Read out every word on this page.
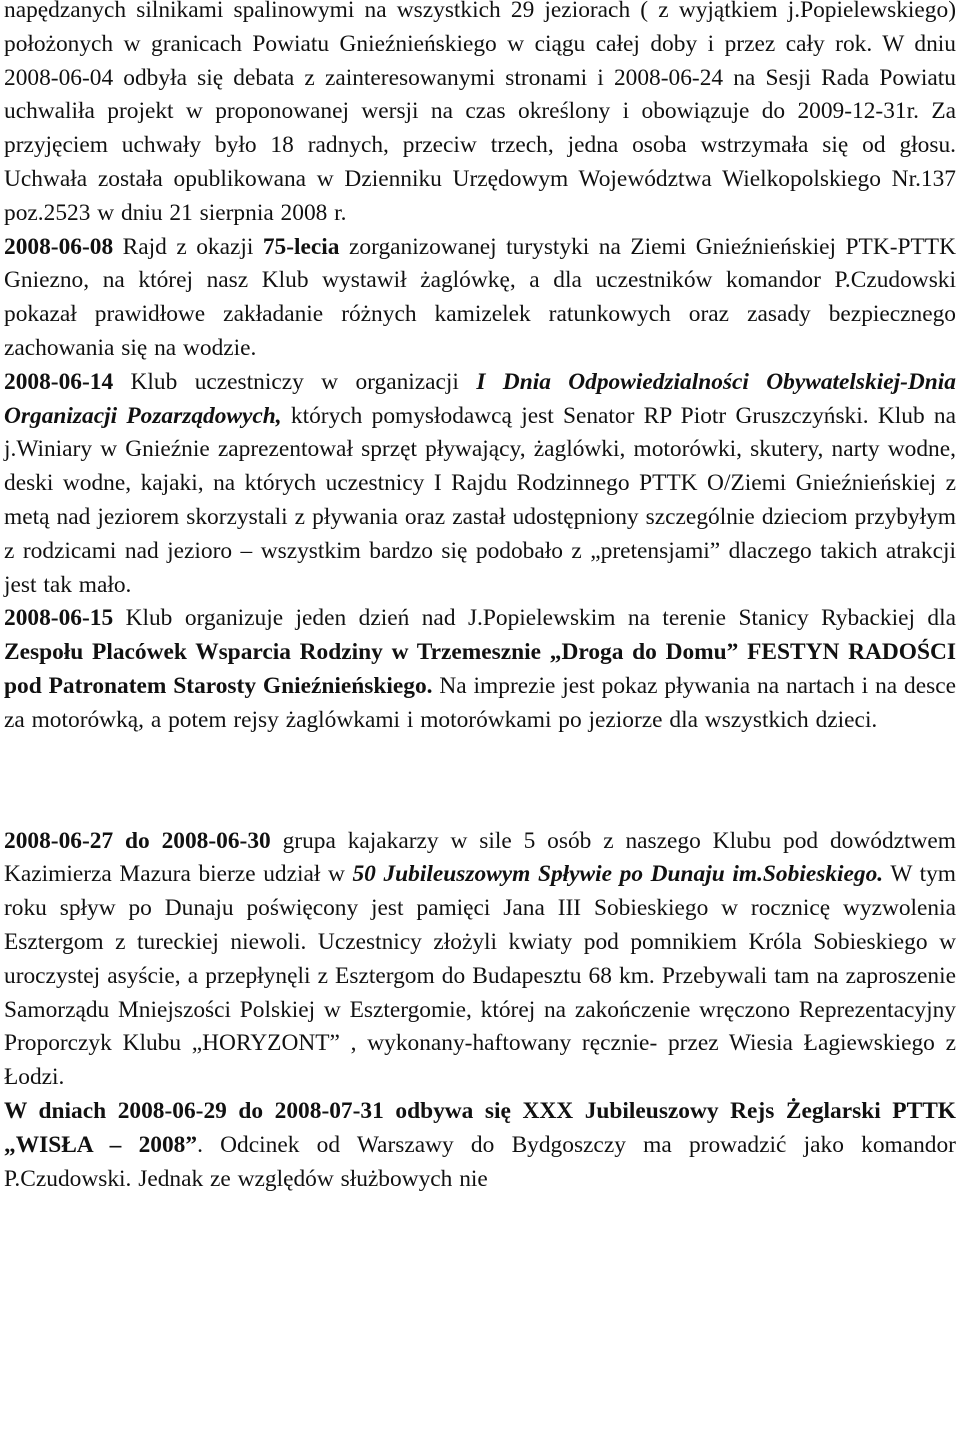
napędzanych silnikami spalinowymi na wszystkich 29 jeziorach ( z wyjątkiem j.Popielewskiego) położonych w granicach Powiatu Gnieźnieńskiego w ciągu całej doby i przez cały rok. W dniu 2008-06-04 odbyła się debata z zainteresowanymi stronami i 2008-06-24 na Sesji Rada Powiatu uchwaliła projekt w proponowanej wersji na czas określony i obowiązuje do 2009-12-31r. Za przyjęciem uchwały było 18 radnych, przeciw trzech, jedna osoba wstrzymała się od głosu. Uchwała została opublikowana w Dzienniku Urzędowym Województwa Wielkopolskiego Nr.137 poz.2523 w dniu 21 sierpnia 2008 r.

2008-06-08 Rajd z okazji 75-lecia zorganizowanej turystyki na Ziemi Gnieźnieńskiej PTK-PTTK Gniezno, na której nasz Klub wystawił żaglówkę, a dla uczestników komandor P.Czudowski pokazał prawidłowe zakładanie różnych kamizelek ratunkowych oraz zasady bezpiecznego zachowania się na wodzie.

2008-06-14 Klub uczestniczy w organizacji I Dnia Odpowiedzialności Obywatelskiej-Dnia Organizacji Pozarządowych, których pomysłodawcą jest Senator RP Piotr Gruszczyński. Klub na j.Winiary w Gnieźnie zaprezentował sprzęt pływający, żaglówki, motorówki, skutery, narty wodne, deski wodne, kajaki, na których uczestnicy I Rajdu Rodzinnego PTTK O/Ziemi Gnieźnieńskiej z metą nad jeziorem skorzystali z pływania oraz zastał udostępniony szczególnie dzieciom przybyłym z rodzicami nad jezioro – wszystkim bardzo się podobało z „pretensjami” dlaczego takich atrakcji jest tak mało.

2008-06-15 Klub organizuje jeden dzień nad J.Popielewskim na terenie Stanicy Rybackiej dla Zespołu Placówek Wsparcia Rodziny w Trzemesznie „Droga do Domu” FESTYN RADOŚCI pod Patronatem Starosty Gnieźnieńskiego. Na imprezie jest pokaz pływania na nartach i na desce za motorówką, a potem rejsy żaglówkami i motorówkami po jeziorze dla wszystkich dzieci.

2008-06-27 do 2008-06-30 grupa kajakarzy w sile 5 osób z naszego Klubu pod dowództwem Kazimierza Mazura bierze udział w 50 Jubileuszowym Spływie po Dunaju im.Sobieskiego. W tym roku spływ po Dunaju poświęcony jest pamięci Jana III Sobieskiego w rocznicę wyzwolenia Esztergom z tureckiej niewoli. Uczestnicy złożyli kwiaty pod pomnikiem Króla Sobieskiego w uroczystej asyście, a przepłynęli z Esztergom do Budapesztu 68 km. Przebywali tam na zaproszenie Samorządu Mniejszości Polskiej w Esztergomie, której na zakończenie wręczono Reprezentacyjny Proporczyk Klubu „HORYZONT” , wykonany-haftowany ręcznie- przez Wiesia Łagiewskiego z Łodzi.

W dniach 2008-06-29 do 2008-07-31 odbywa się XXX Jubileuszowy Rejs Żeglarski PTTK „WISŁA – 2008”. Odcinek od Warszawy do Bydgoszczy ma prowadzić jako komandor P.Czudowski. Jednak ze względów służbowych nie
